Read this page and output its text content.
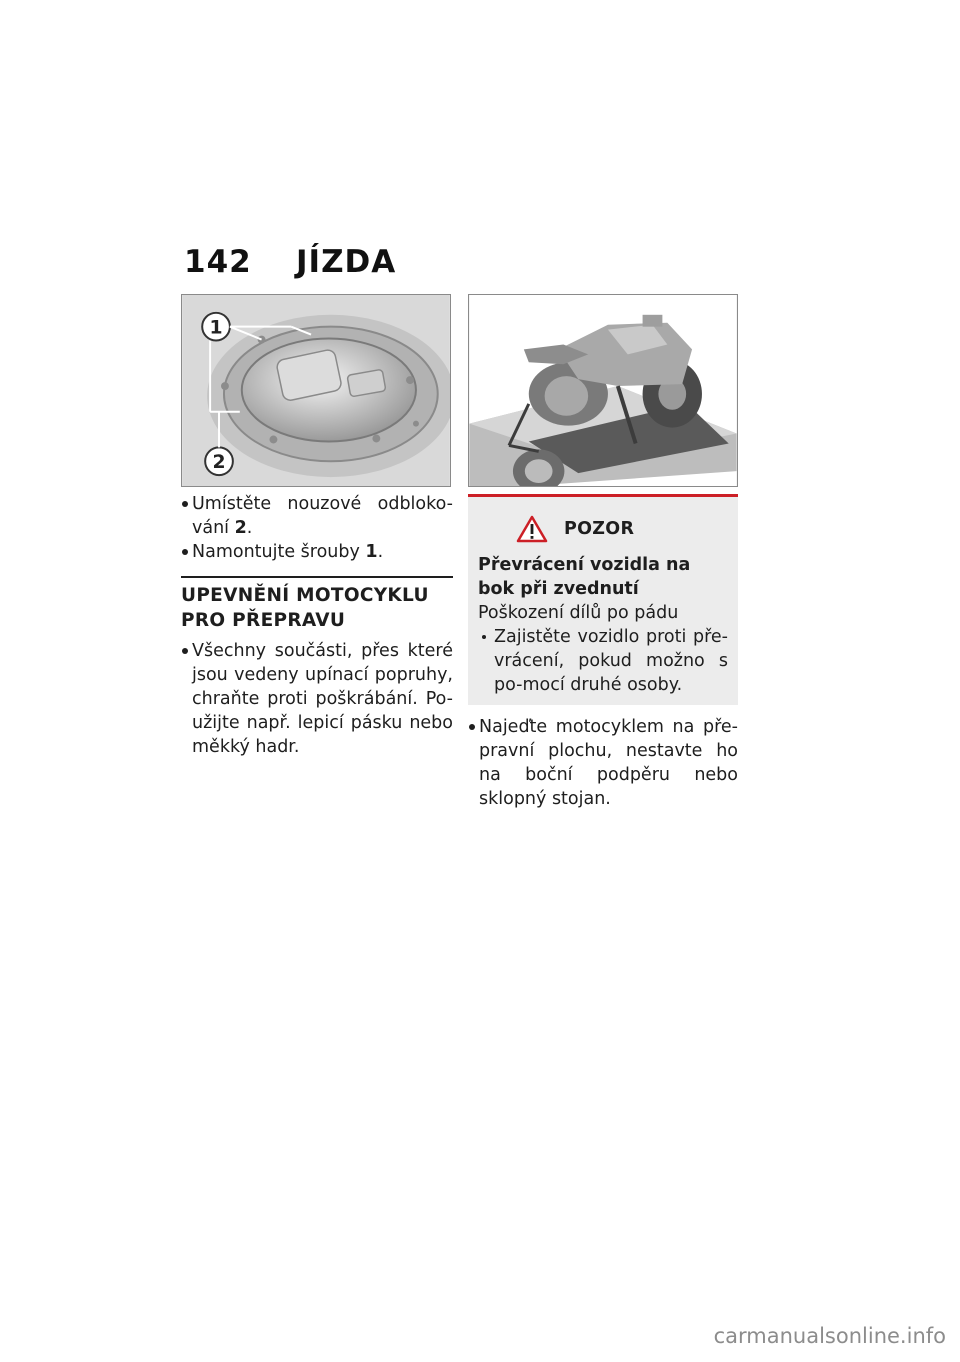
142 JÍZDA
1
2
Umístěte nouzové odbloko-vání 2.
Namontujte šrouby 1.
UPEVNĚNÍ MOTOCYKLU PRO PŘEPRAVU
Všechny součásti, přes které jsou vedeny upínací popruhy, chraňte proti poškrábání. Po-užijte např. lepicí pásku nebo měkký hadr.
POZOR
Převrácení vozidla na bok při zvednutí
Poškození dílů po pádu
Zajistěte vozidlo proti pře-vrácení, pokud možno s po-mocí druhé osoby.
Najeďte motocyklem na pře-pravní plochu, nestavte ho na boční podpěru nebo sklopný stojan.
carmanualsonline.info
